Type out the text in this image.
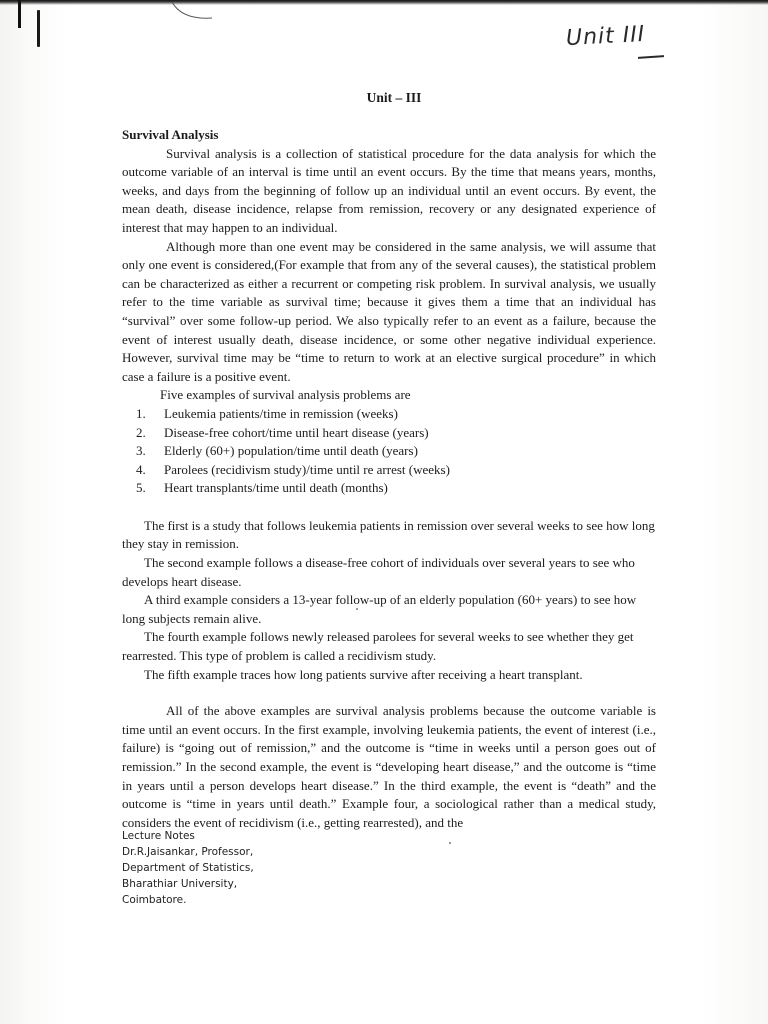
Unit III
Unit – III

Survival Analysis

Survival analysis is a collection of statistical procedure for the data analysis for which the outcome variable of an interval is time until an event occurs. By the time that means years, months, weeks, and days from the beginning of follow up an individual until an event occurs. By event, the mean death, disease incidence, relapse from remission, recovery or any designated experience of interest that may happen to an individual.

Although more than one event may be considered in the same analysis, we will assume that only one event is considered,(For example that from any of the several causes), the statistical problem can be characterized as either a recurrent or competing risk problem. In survival analysis, we usually refer to the time variable as survival time; because it gives them a time that an individual has “survival” over some follow-up period. We also typically refer to an event as a failure, because the event of interest usually death, disease incidence, or some other negative individual experience. However, survival time may be “time to return to work at an elective surgical procedure” in which case a failure is a positive event.

Five examples of survival analysis problems are

1. Leukemia patients/time in remission (weeks)
2. Disease-free cohort/time until heart disease (years)
3. Elderly (60+) population/time until death (years)
4. Parolees (recidivism study)/time until re arrest (weeks)
5. Heart transplants/time until death (months)

The first is a study that follows leukemia patients in remission over several weeks to see how long they stay in remission.

The second example follows a disease-free cohort of individuals over several years to see who develops heart disease.

A third example considers a 13-year follow-up of an elderly population (60+ years) to see how long subjects remain alive.

The fourth example follows newly released parolees for several weeks to see whether they get rearrested. This type of problem is called a recidivism study.

The fifth example traces how long patients survive after receiving a heart transplant.

All of the above examples are survival analysis problems because the outcome variable is time until an event occurs. In the first example, involving leukemia patients, the event of interest (i.e., failure) is “going out of remission,” and the outcome is “time in weeks until a person goes out of remission.” In the second example, the event is “developing heart disease,” and the outcome is “time in years until a person develops heart disease.” In the third example, the event is “death” and the outcome is “time in years until death.” Example four, a sociological rather than a medical study, considers the event of recidivism (i.e., getting rearrested), and the

Lecture Notes
Dr.R.Jaisankar, Professor,
Department of Statistics,
Bharathiar University,
Coimbatore.
